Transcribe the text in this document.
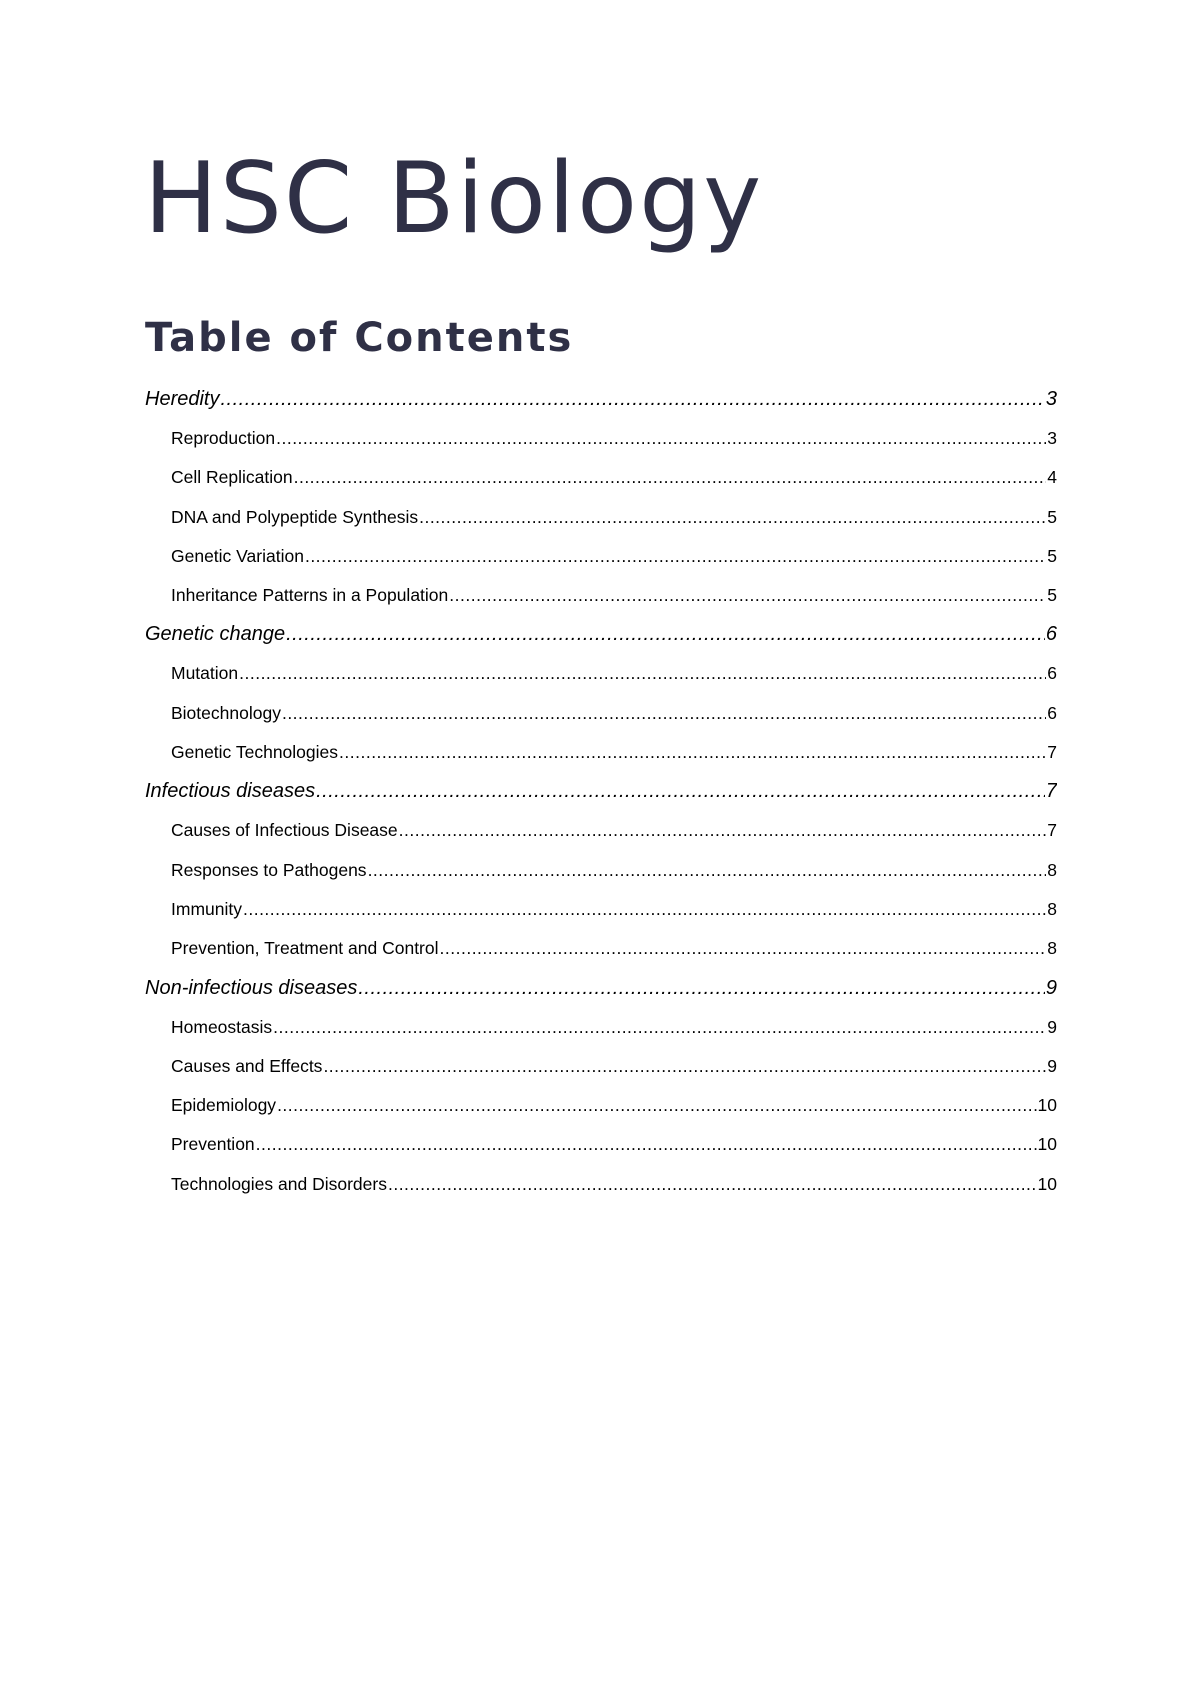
HSC Biology
Table of Contents
Heredity .....	3
Reproduction .....	3
Cell Replication .....	4
DNA and Polypeptide Synthesis .....	5
Genetic Variation .....	5
Inheritance Patterns in a Population .....	5
Genetic change .....	6
Mutation .....	6
Biotechnology .....	6
Genetic Technologies .....	7
Infectious diseases .....	7
Causes of Infectious Disease .....	7
Responses to Pathogens .....	8
Immunity .....	8
Prevention, Treatment and Control .....	8
Non-infectious diseases .....	9
Homeostasis .....	9
Causes and Effects .....	9
Epidemiology .....	10
Prevention .....	10
Technologies and Disorders .....	10
